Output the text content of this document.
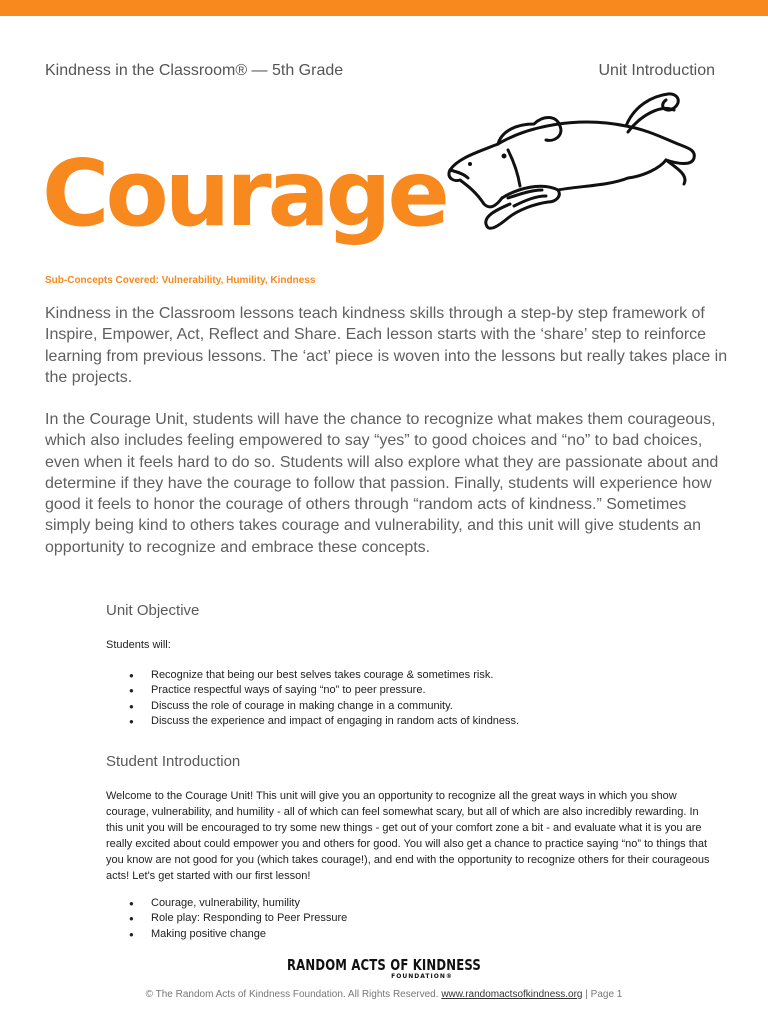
Kindness in the Classroom® — 5th Grade	Unit Introduction
Courage

Sub-Concepts Covered: Vulnerability, Humility, Kindness

Kindness in the Classroom lessons teach kindness skills through a step-by step framework of Inspire, Empower, Act, Reflect and Share. Each lesson starts with the ‘share’ step to reinforce learning from previous lessons. The ‘act’ piece is woven into the lessons but really takes place in the projects.

In the Courage Unit, students will have the chance to recognize what makes them courageous, which also includes feeling empowered to say “yes” to good choices and “no” to bad choices, even when it feels hard to do so. Students will also explore what they are passionate about and determine if they have the courage to follow that passion. Finally, students will experience how good it feels to honor the courage of others through “random acts of kindness.” Sometimes simply being kind to others takes courage and vulnerability, and this unit will give students an opportunity to recognize and embrace these concepts.

Unit Objective

Students will:

● Recognize that being our best selves takes courage & sometimes risk.
● Practice respectful ways of saying “no” to peer pressure.
● Discuss the role of courage in making change in a community.
● Discuss the experience and impact of engaging in random acts of kindness.
Student Introduction

Welcome to the Courage Unit! This unit will give you an opportunity to recognize all the great ways in which you show courage, vulnerability, and humility - all of which can feel somewhat scary, but all of which are also incredibly rewarding. In this unit you will be encouraged to try some new things - get out of your comfort zone a bit - and evaluate what it is you are really excited about could empower you and others for good. You will also get a chance to practice saying “no” to things that you know are not good for you (which takes courage!), and end with the opportunity to recognize others for their courageous acts! Let's get started with our first lesson!

● Courage, vulnerability, humility
● Role play: Responding to Peer Pressure
● Making positive change
RANDOM ACTS OF KINDNESS
FOUNDATION®
© The Random Acts of Kindness Foundation. All Rights Reserved. www.randomactsofkindness.org | Page 1
